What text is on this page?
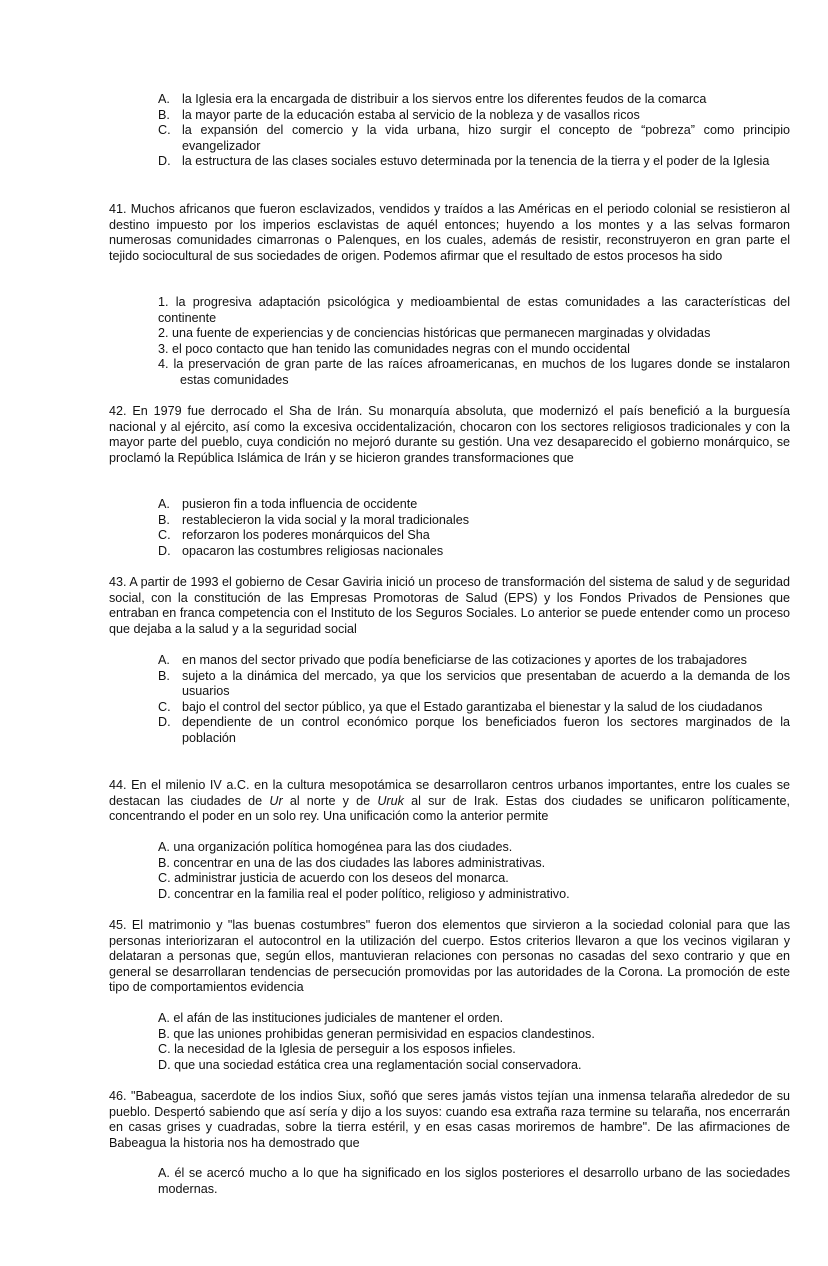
A. la Iglesia era la encargada de distribuir a los siervos entre los diferentes feudos de la comarca
B. la mayor parte de la educación estaba al servicio de la nobleza y de vasallos ricos
C. la expansión del comercio y la vida urbana, hizo surgir el concepto de “pobreza” como principio evangelizador
D. la estructura de las clases sociales estuvo determinada por la tenencia de la tierra y el poder de la Iglesia

41. Muchos africanos que fueron esclavizados, vendidos y traídos a las Américas en el periodo colonial se resistieron al destino impuesto por los imperios esclavistas de aquél entonces; huyendo a los montes y a las selvas formaron numerosas comunidades cimarronas o Palenques, en los cuales, además de resistir, reconstruyeron en gran parte el tejido sociocultural de sus sociedades de origen. Podemos afirmar que el resultado de estos procesos ha sido

1. la progresiva adaptación psicológica y medioambiental de estas comunidades a las características del continente
2. una fuente de experiencias y de conciencias históricas que permanecen marginadas y olvidadas
3. el poco contacto que han tenido las comunidades negras con el mundo occidental
4. la preservación de gran parte de las raíces afroamericanas, en muchos de los lugares donde se instalaron estas comunidades

42. En 1979 fue derrocado el Sha de Irán. Su monarquía absoluta, que modernizó el país benefició a la burguesía nacional y al ejército, así como la excesiva occidentalización, chocaron con los sectores religiosos tradicionales y con la mayor parte del pueblo, cuya condición no mejoró durante su gestión. Una vez desaparecido el gobierno monárquico, se proclamó la República Islámica de Irán y se hicieron grandes transformaciones que

A. pusieron fin a toda influencia de occidente
B. restablecieron la vida social y la moral tradicionales
C. reforzaron los poderes monárquicos del Sha
D. opacaron las costumbres religiosas nacionales

43. A partir de 1993 el gobierno de Cesar Gaviria inició un proceso de transformación del sistema de salud y de seguridad social, con la constitución de las Empresas Promotoras de Salud (EPS) y los Fondos Privados de Pensiones que entraban en franca competencia con el Instituto de los Seguros Sociales. Lo anterior se puede entender como un proceso que dejaba a la salud y a la seguridad social

A. en manos del sector privado que podía beneficiarse de las cotizaciones y aportes de los trabajadores
B. sujeto a la dinámica del mercado, ya que los servicios que presentaban de acuerdo a la demanda de los usuarios
C. bajo el control del sector público, ya que el Estado garantizaba el bienestar y la salud de los ciudadanos
D. dependiente de un control económico porque los beneficiados fueron los sectores marginados de la población

44. En el milenio IV a.C. en la cultura mesopotámica se desarrollaron centros urbanos importantes, entre los cuales se destacan las ciudades de Ur al norte y de Uruk al sur de Irak. Estas dos ciudades se unificaron políticamente, concentrando el poder en un solo rey. Una unificación como la anterior permite

A. una organización política homogénea para las dos ciudades.
B. concentrar en una de las dos ciudades las labores administrativas.
C. administrar justicia de acuerdo con los deseos del monarca.
D. concentrar en la familia real el poder político, religioso y administrativo.

45. El matrimonio y "las buenas costumbres" fueron dos elementos que sirvieron a la sociedad colonial para que las personas interiorizaran el autocontrol en la utilización del cuerpo. Estos criterios llevaron a que los vecinos vigilaran y delataran a personas que, según ellos, mantuvieran relaciones con personas no casadas del sexo contrario y que en general se desarrollaran tendencias de persecución promovidas por las autoridades de la Corona. La promoción de este tipo de comportamientos evidencia

A. el afán de las instituciones judiciales de mantener el orden.
B. que las uniones prohibidas generan permisividad en espacios clandestinos.
C. la necesidad de la Iglesia de perseguir a los esposos infieles.
D. que una sociedad estática crea una reglamentación social conservadora.

46. "Babeagua, sacerdote de los indios Siux, soñó que seres jamás vistos tejían una inmensa telaraña alrededor de su pueblo. Despertó sabiendo que así sería y dijo a los suyos: cuando esa extraña raza termine su telaraña, nos encerrarán en casas grises y cuadradas, sobre la tierra estéril, y en esas casas moriremos de hambre". De las afirmaciones de Babeagua la historia nos ha demostrado que

A. él se acercó mucho a lo que ha significado en los siglos posteriores el desarrollo urbano de las sociedades modernas.
